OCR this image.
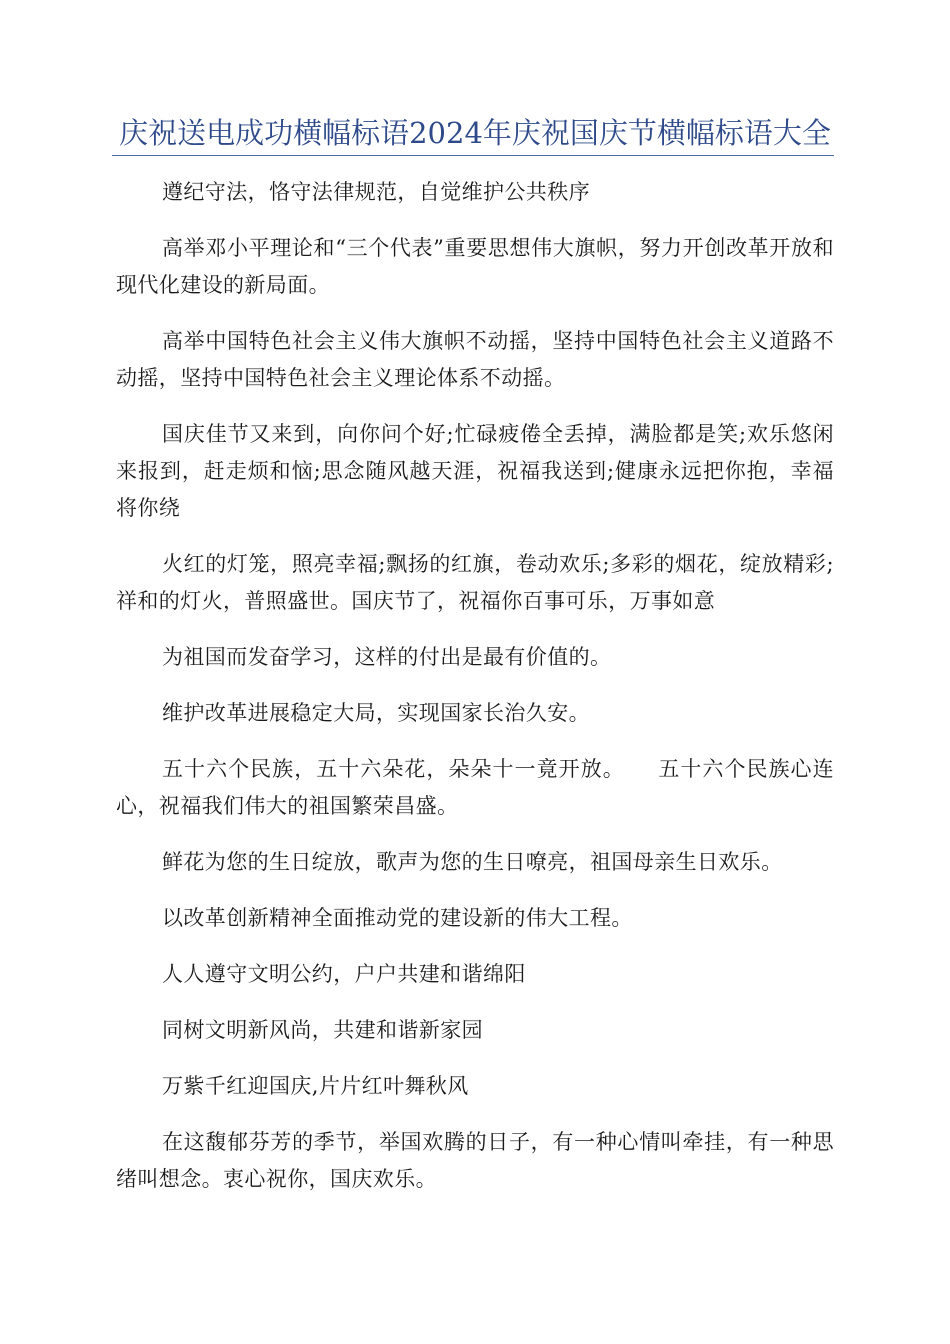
庆祝送电成功横幅标语2024年庆祝国庆节横幅标语大全

遵纪守法，恪守法律规范，自觉维护公共秩序

高举邓小平理论和“三个代表”重要思想伟大旗帜，努力开创改革开放和现代化建设的新局面。

高举中国特色社会主义伟大旗帜不动摇，坚持中国特色社会主义道路不动摇，坚持中国特色社会主义理论体系不动摇。

国庆佳节又来到，向你问个好;忙碌疲倦全丢掉，满脸都是笑;欢乐悠闲来报到，赶走烦和恼;思念随风越天涯，祝福我送到;健康永远把你抱，幸福将你绕

火红的灯笼，照亮幸福;飘扬的红旗，卷动欢乐;多彩的烟花，绽放精彩;祥和的灯火，普照盛世。国庆节了，祝福你百事可乐，万事如意

为祖国而发奋学习，这样的付出是最有价值的。

维护改革进展稳定大局，实现国家长治久安。

五十六个民族，五十六朵花，朵朵十一竟开放。　　五十六个民族心连心，祝福我们伟大的祖国繁荣昌盛。

鲜花为您的生日绽放，歌声为您的生日嘹亮，祖国母亲生日欢乐。

以改革创新精神全面推动党的建设新的伟大工程。

人人遵守文明公约，户户共建和谐绵阳

同树文明新风尚，共建和谐新家园

万紫千红迎国庆,片片红叶舞秋风

在这馥郁芬芳的季节，举国欢腾的日子，有一种心情叫牵挂，有一种思绪叫想念。衷心祝你，国庆欢乐。
